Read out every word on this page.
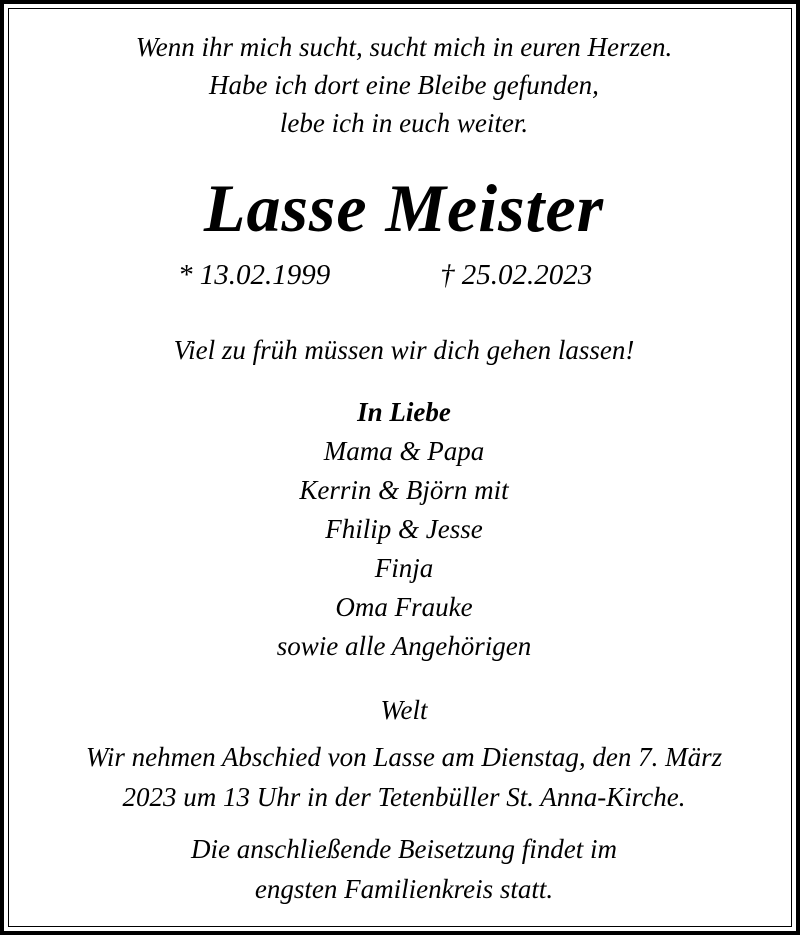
Wenn ihr mich sucht, sucht mich in euren Herzen.
Habe ich dort eine Bleibe gefunden,
lebe ich in euch weiter.
Lasse Meister
* 13.02.1999	† 25.02.2023
Viel zu früh müssen wir dich gehen lassen!
In Liebe
Mama & Papa
Kerrin & Björn mit
Fhilip & Jesse
Finja
Oma Frauke
sowie alle Angehörigen
Welt
Wir nehmen Abschied von Lasse am Dienstag, den 7. März
2023 um 13 Uhr in der Tetenbüller St. Anna-Kirche.
Die anschließende Beisetzung findet im
engsten Familienkreis statt.
